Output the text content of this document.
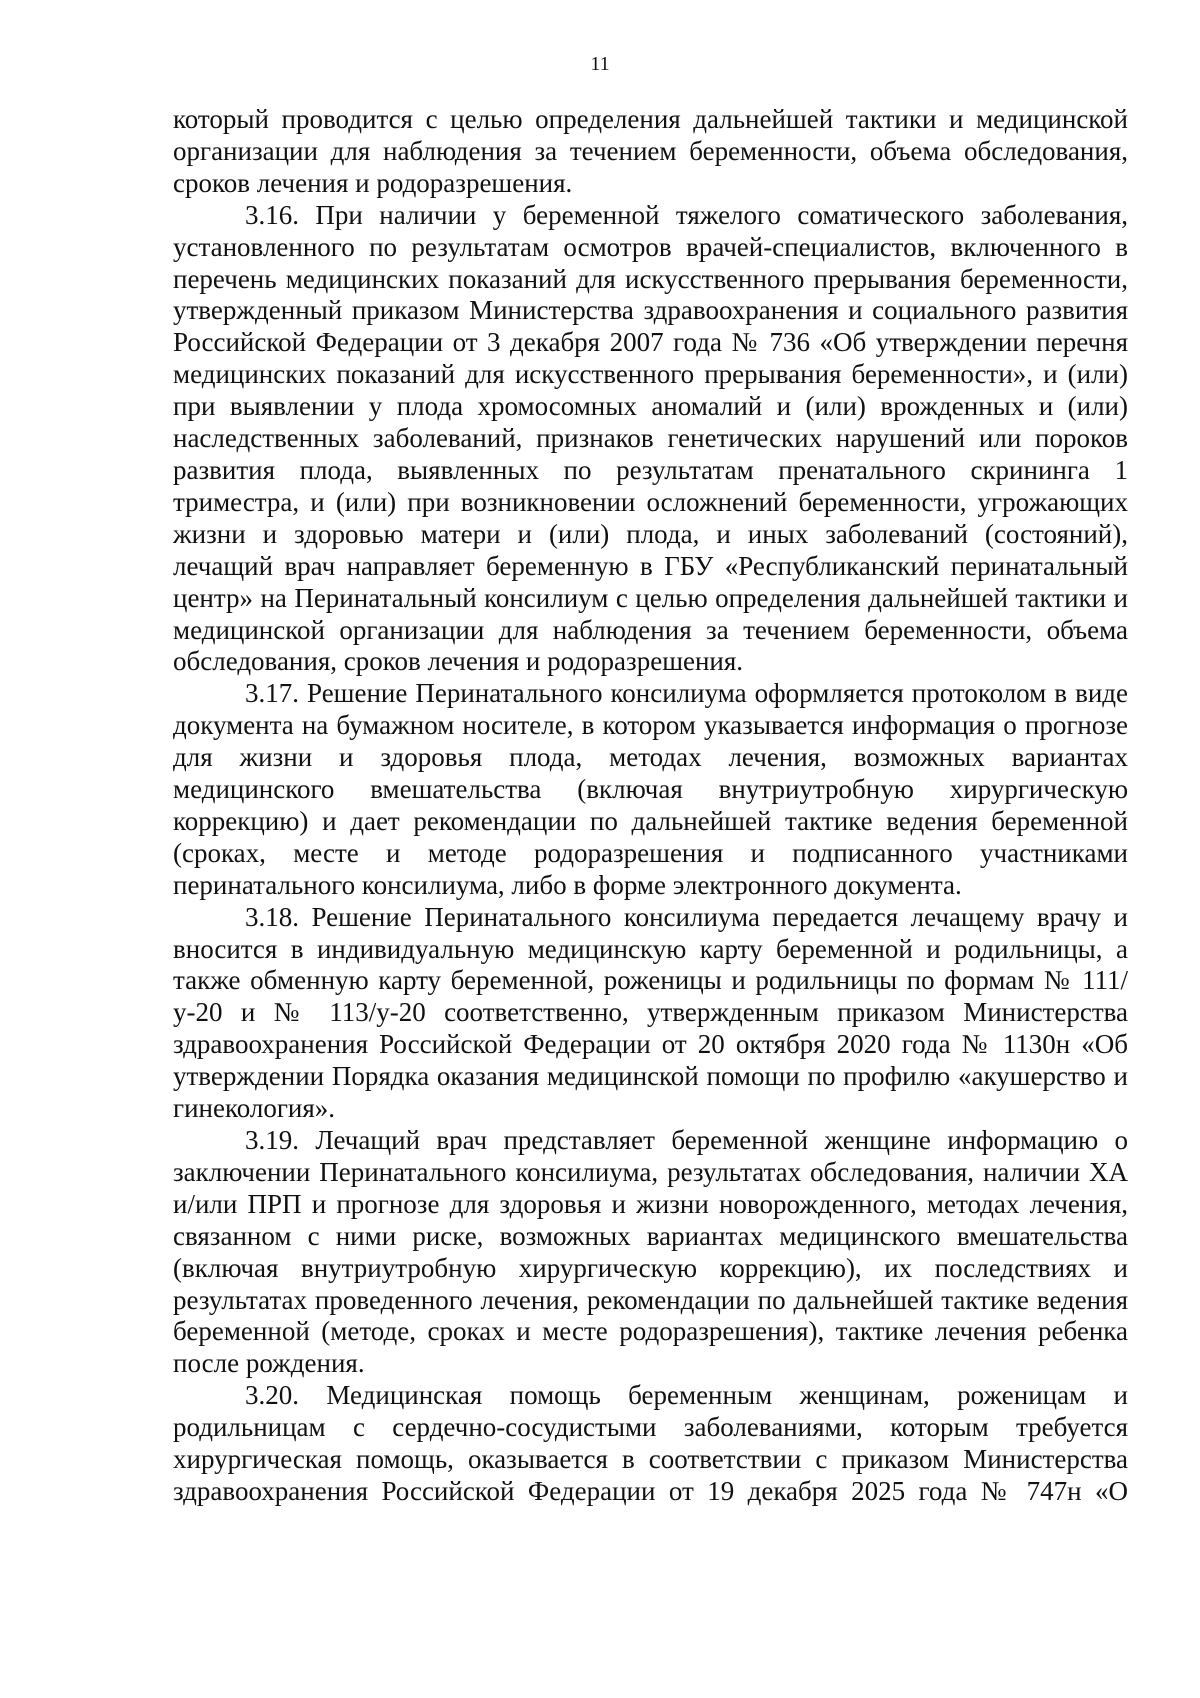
11

который проводится с целью определения дальнейшей тактики и медицинской организации для наблюдения за течением беременности, объема обследования, сроков лечения и родоразрешения.

3.16. При наличии у беременной тяжелого соматического заболевания, установленного по результатам осмотров врачей-специалистов, включенного в перечень медицинских показаний для искусственного прерывания беременности, утвержденный приказом Министерства здравоохранения и социального развития Российской Федерации от 3 декабря 2007 года № 736 «Об утверждении перечня медицинских показаний для искусственного прерывания беременности», и (или) при выявлении у плода хромосомных аномалий и (или) врожденных и (или) наследственных заболеваний, признаков генетических нарушений или пороков развития плода, выявленных по результатам пренатального скрининга 1 триместра, и (или) при возникновении осложнений беременности, угрожающих жизни и здоровью матери и (или) плода, и иных заболеваний (состояний), лечащий врач направляет беременную в ГБУ «Республиканский перинатальный центр» на Перинатальный консилиум с целью определения дальнейшей тактики и медицинской организации для наблюдения за течением беременности, объема обследования, сроков лечения и родоразрешения.

3.17. Решение Перинатального консилиума оформляется протоколом в виде документа на бумажном носителе, в котором указывается информация о прогнозе для жизни и здоровья плода, методах лечения, возможных вариантах медицинского вмешательства (включая внутриутробную хирургическую коррекцию) и дает рекомендации по дальнейшей тактике ведения беременной (сроках, месте и методе родоразрешения и подписанного участниками перинатального консилиума, либо в форме электронного документа.

3.18. Решение Перинатального консилиума передается лечащему врачу и вносится в индивидуальную медицинскую карту беременной и родильницы, а также обменную карту беременной, роженицы и родильницы по формам № 111/у-20 и № 113/у-20 соответственно, утвержденным приказом Министерства здравоохранения Российской Федерации от 20 октября 2020 года № 1130н «Об утверждении Порядка оказания медицинской помощи по профилю «акушерство и гинекология».

3.19. Лечащий врач представляет беременной женщине информацию о заключении Перинатального консилиума, результатах обследования, наличии ХА и/или ПРП и прогнозе для здоровья и жизни новорожденного, методах лечения, связанном с ними риске, возможных вариантах медицинского вмешательства (включая внутриутробную хирургическую коррекцию), их последствиях и результатах проведенного лечения, рекомендации по дальнейшей тактике ведения беременной (методе, сроках и месте родоразрешения), тактике лечения ребенка после рождения.

3.20. Медицинская помощь беременным женщинам, роженицам и родильницам с сердечно-сосудистыми заболеваниями, которым требуется хирургическая помощь, оказывается в соответствии с приказом Министерства здравоохранения Российской Федерации от 19 декабря 2025 года № 747н «О
